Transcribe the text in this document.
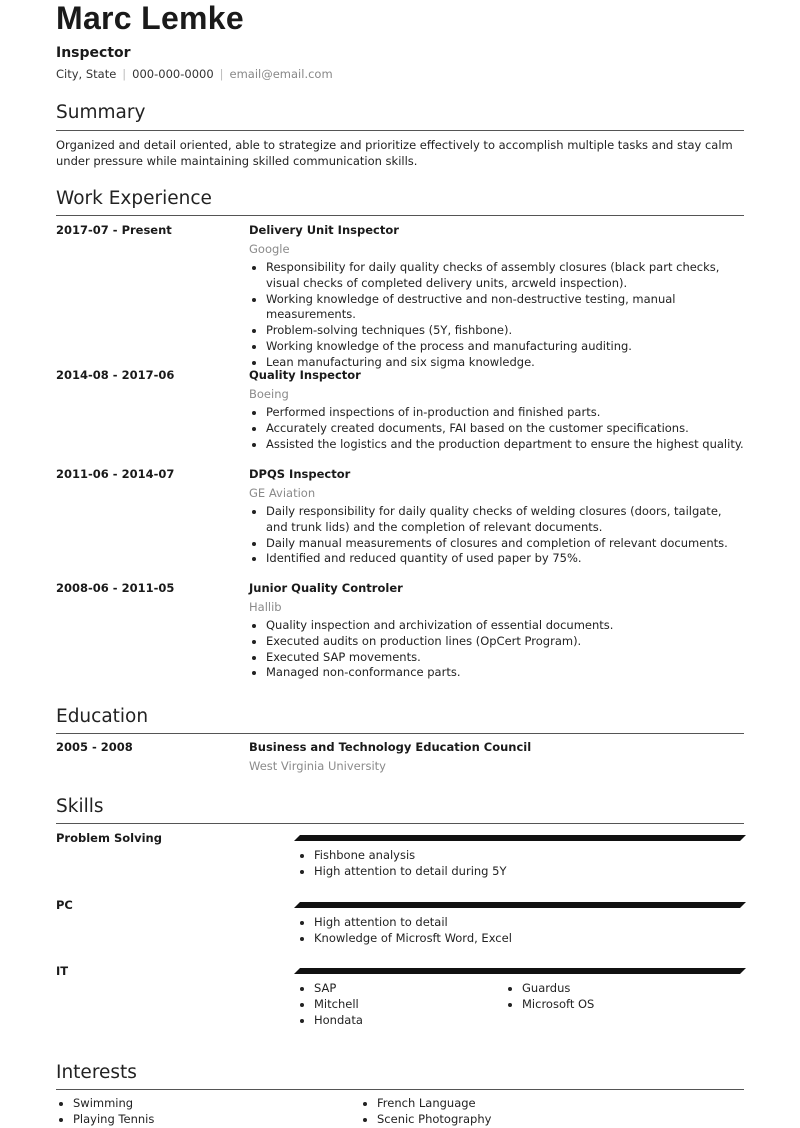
Marc Lemke
Inspector
City, State | 000-000-0000 | email@email.com
Summary
Organized and detail oriented, able to strategize and prioritize effectively to accomplish multiple tasks and stay calm under pressure while maintaining skilled communication skills.
Work Experience
2017-07 - Present	Delivery Unit Inspector
Google
• Responsibility for daily quality checks of assembly closures (black part checks, visual checks of completed delivery units, arcweld inspection).
• Working knowledge of destructive and non-destructive testing, manual measurements.
• Problem-solving techniques (5Y, fishbone).
• Working knowledge of the process and manufacturing auditing.
• Lean manufacturing and six sigma knowledge.
2014-08 - 2017-06	Quality Inspector
Boeing
• Performed inspections of in-production and finished parts.
• Accurately created documents, FAI based on the customer specifications.
• Assisted the logistics and the production department to ensure the highest quality.
2011-06 - 2014-07	DPQS Inspector
GE Aviation
• Daily responsibility for daily quality checks of welding closures (doors, tailgate, and trunk lids) and the completion of relevant documents.
• Daily manual measurements of closures and completion of relevant documents.
• Identified and reduced quantity of used paper by 75%.
2008-06 - 2011-05	Junior Quality Controler
Hallib
• Quality inspection and archivization of essential documents.
• Executed audits on production lines (OpCert Program).
• Executed SAP movements.
• Managed non-conformance parts.
Education
2005 - 2008	Business and Technology Education Council
West Virginia University
Skills
Problem Solving
• Fishbone analysis
• High attention to detail during 5Y
PC
• High attention to detail
• Knowledge of Microsft Word, Excel
IT
• SAP
• Mitchell
• Hondata
• Guardus
• Microsoft OS
Interests
• Swimming
• Playing Tennis
• French Language
• Scenic Photography
